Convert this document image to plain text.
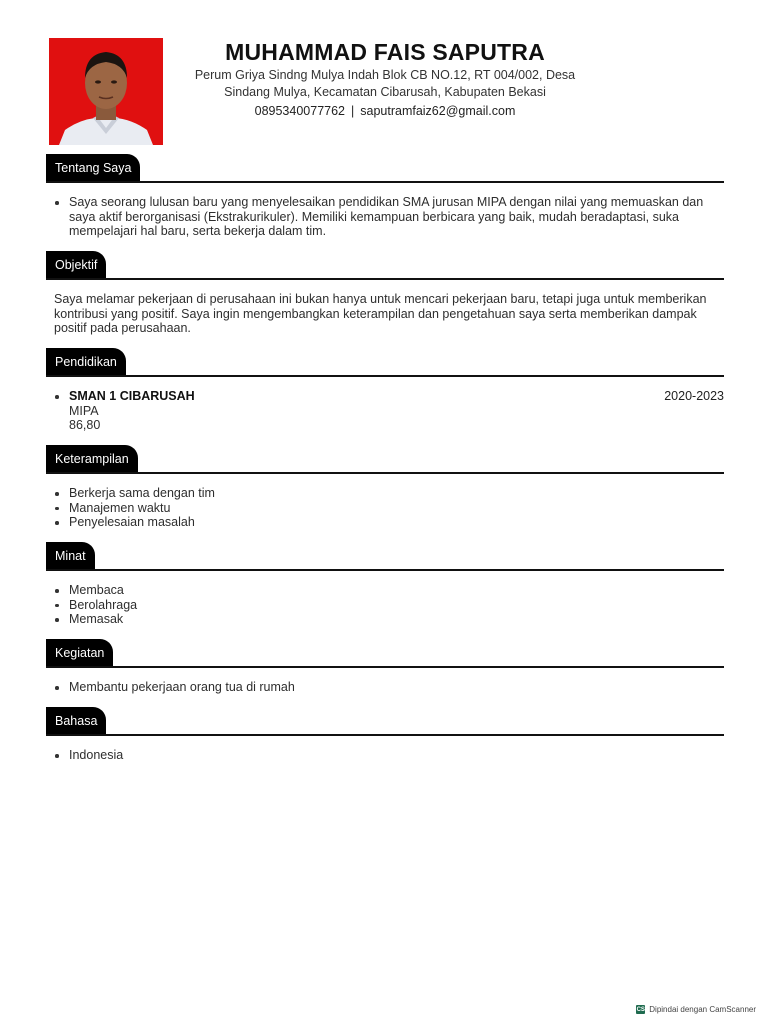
MUHAMMAD FAIS SAPUTRA
Perum Griya Sindng Mulya Indah Blok CB NO.12, RT 004/002, Desa
Sindang Mulya, Kecamatan Cibarusah, Kabupaten Bekasi
0895340077762 | saputramfaiz62@gmail.com
Tentang Saya
Saya seorang lulusan baru yang menyelesaikan pendidikan SMA jurusan MIPA dengan nilai yang memuaskan dan saya aktif berorganisasi (Ekstrakurikuler). Memiliki kemampuan berbicara yang baik, mudah beradaptasi, suka mempelajari hal baru, serta bekerja dalam tim.
Objektif
Saya melamar pekerjaan di perusahaan ini bukan hanya untuk mencari pekerjaan baru, tetapi juga untuk memberikan kontribusi yang positif. Saya ingin mengembangkan keterampilan dan pengetahuan saya serta memberikan dampak positif pada perusahaan.
Pendidikan
SMAN 1 CIBARUSAH	2020-2023
MIPA
86,80
Keterampilan
Berkerja sama dengan tim
Manajemen waktu
Penyelesaian masalah
Minat
Membaca
Berolahraga
Memasak
Kegiatan
Membantu pekerjaan orang tua di rumah
Bahasa
Indonesia
CS Dipindai dengan CamScanner
